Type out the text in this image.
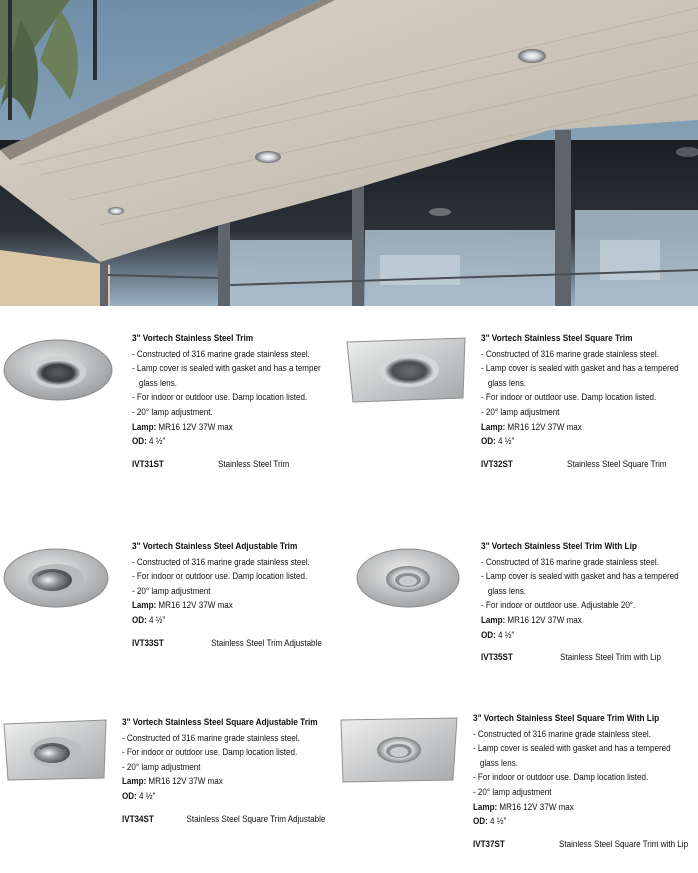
3" Vortech Stainless Steel Trim
- Constructed of 316 marine grade stainless steel.
- Lamp cover is sealed with gasket and has a temper
glass lens.
- For indoor or outdoor use. Damp location listed.
- 20° lamp adjustment.
Lamp: MR16 12V 37W max
OD: 4 ½"
IVT31ST	Stainless Steel Trim
3" Vortech Stainless Steel Square Trim
- Constructed of 316 marine grade stainless steel.
- Lamp cover is sealed with gasket and has a tempered
glass lens.
- For indoor or outdoor use. Damp location listed.
- 20° lamp adjustment
Lamp: MR16 12V 37W max
OD: 4 ½"
IVT32ST	Stainless Steel Square Trim
3" Vortech Stainless Steel Adjustable Trim
- Constructed of 316 marine grade stainless steel.
- For indoor or outdoor use. Damp location listed.
- 20° lamp adjustment
Lamp: MR16 12V 37W max
OD: 4 ½"
IVT33ST	Stainless Steel Trim Adjustable
3" Vortech Stainless Steel Trim With Lip
- Constructed of 316 marine grade stainless steel.
- Lamp cover is sealed with gasket and has a tempered
glass lens.
- For indoor or outdoor use. Adjustable 20°.
Lamp: MR16 12V 37W max
OD: 4 ½"
IVT35ST	Stainless Steel Trim with Lip
3" Vortech Stainless Steel Square Adjustable Trim
- Constructed of 316 marine grade stainless steel.
- For indoor or outdoor use. Damp location listed.
- 20° lamp adjustment
Lamp: MR16 12V 37W max
OD: 4 ½"
IVT34ST	Stainless Steel Square Trim Adjustable
3" Vortech Stainless Steel Square Trim With Lip
- Constructed of 316 marine grade stainless steel.
- Lamp cover is sealed with gasket and has a tempered
glass lens.
- For indoor or outdoor use. Damp location listed.
- 20° lamp adjustment
Lamp: MR16 12V 37W max
OD: 4 ½"
IVT37ST	Stainless Steel Square Trim with Lip
